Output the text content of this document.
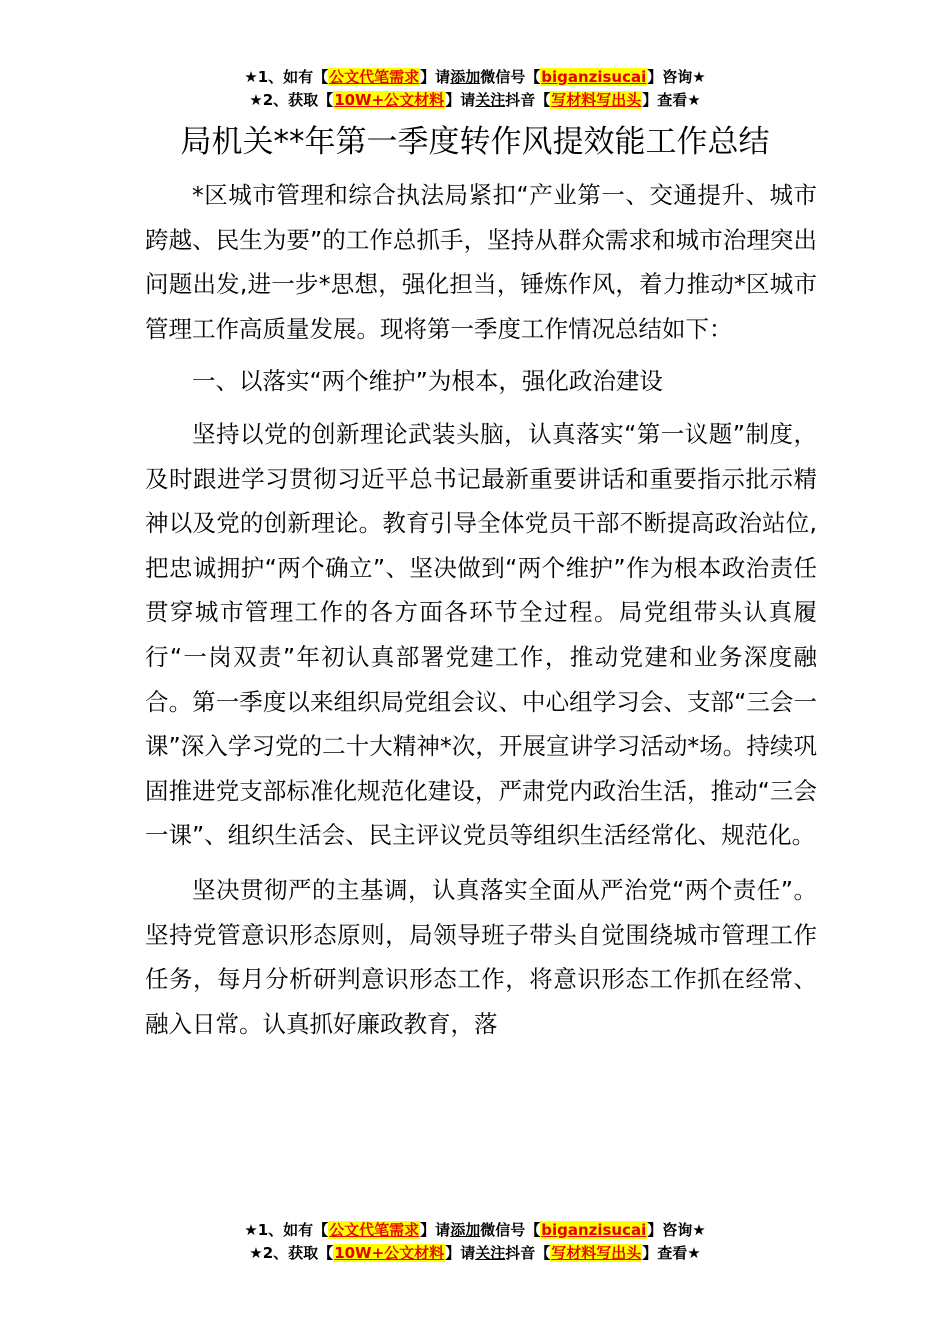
★1、如有【公文代笔需求】请添加微信号【biganzisucai】咨询★
★2、获取【10W+公文材料】请关注抖音【写材料写出头】查看★
局机关**年第一季度转作风提效能工作总结

*区城市管理和综合执法局紧扣“产业第一、交通提升、城市跨越、民生为要”的工作总抓手，坚持从群众需求和城市治理突出问题出发,进一步*思想，强化担当，锤炼作风，着力推动*区城市管理工作高质量发展。现将第一季度工作情况总结如下：

一、以落实“两个维护”为根本，强化政治建设

坚持以党的创新理论武装头脑，认真落实“第一议题”制度，及时跟进学习贯彻习近平总书记最新重要讲话和重要指示批示精神以及党的创新理论。教育引导全体党员干部不断提高政治站位,把忠诚拥护“两个确立”、坚决做到“两个维护”作为根本政治责任贯穿城市管理工作的各方面各环节全过程。局党组带头认真履行“一岗双责”年初认真部署党建工作，推动党建和业务深度融合。第一季度以来组织局党组会议、中心组学习会、支部“三会一课”深入学习党的二十大精神*次，开展宣讲学习活动*场。持续巩固推进党支部标准化规范化建设，严肃党内政治生活，推动“三会一课”、组织生活会、民主评议党员等组织生活经常化、规范化。

坚决贯彻严的主基调，认真落实全面从严治党“两个责任”。坚持党管意识形态原则，局领导班子带头自觉围绕城市管理工作任务，每月分析研判意识形态工作，将意识形态工作抓在经常、融入日常。认真抓好廉政教育，落

★1、如有【公文代笔需求】请添加微信号【biganzisucai】咨询★
★2、获取【10W+公文材料】请关注抖音【写材料写出头】查看★
